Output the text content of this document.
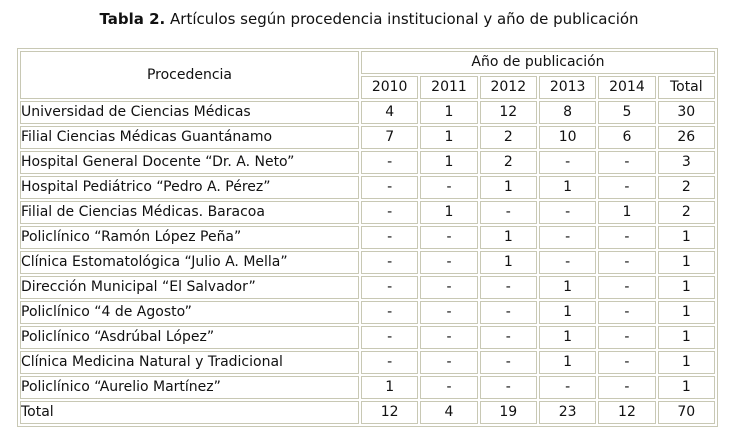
Tabla 2. Artículos según procedencia institucional y año de publicación
Procedencia	Año de publicación					
	2010	2011	2012	2013	2014	Total
Universidad de Ciencias Médicas	4	1	12	8	5	30
Filial Ciencias Médicas Guantánamo	7	1	2	10	6	26
Hospital General Docente “Dr. A. Neto”	-	1	2	-	-	3
Hospital Pediátrico “Pedro A. Pérez”	-	-	1	1	-	2
Filial de Ciencias Médicas. Baracoa	-	1	-	-	1	2
Policlínico “Ramón López Peña”	-	-	1	-	-	1
Clínica Estomatológica “Julio A. Mella”	-	-	1	-	-	1
Dirección Municipal “El Salvador”	-	-	-	1	-	1
Policlínico “4 de Agosto”	-	-	-	1	-	1
Policlínico “Asdrúbal López”	-	-	-	1	-	1
Clínica Medicina Natural y Tradicional	-	-	-	1	-	1
Policlínico “Aurelio Martínez”	1	-	-	-	-	1
Total	12	4	19	23	12	70
